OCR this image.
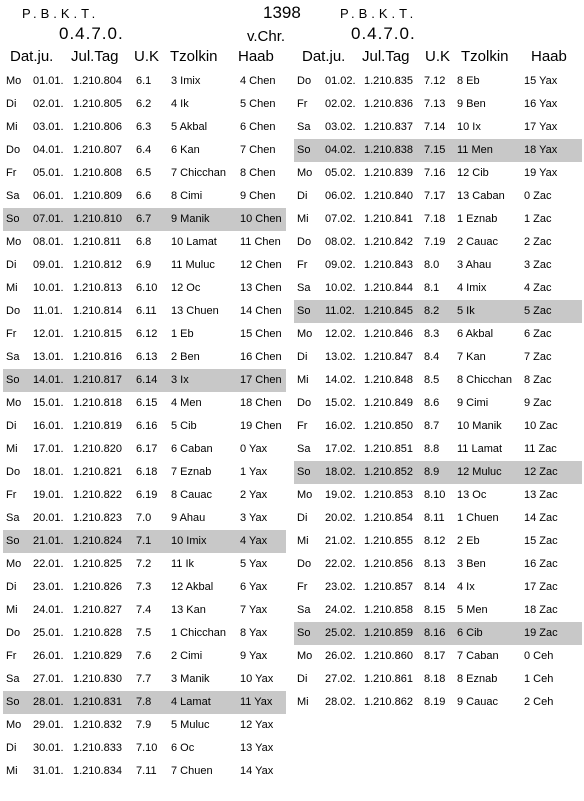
P.B.K.T.
0.4.7.0.
1398
v.Chr.
P.B.K.T.
0.4.7.0.
Dat.ju. Jul.Tag U.K Tzolkin Haab Dat.ju. Jul.Tag U.K Tzolkin Haab
Mo 01.01. 1.210.804 6.1 3 Imix	4 Chen
Di 02.01. 1.210.805 6.2 4 Ik	5 Chen
Mi 03.01. 1.210.806 6.3 5 Akbal	6 Chen
Do 04.01. 1.210.807 6.4 6 Kan	7 Chen
Fr 05.01. 1.210.808 6.5 7 Chicchan 8 Chen
Sa 06.01. 1.210.809 6.6 8 Cimi	9 Chen
So 07.01. 1.210.810 6.7 9 Manik	10 Chen
Mo 08.01. 1.210.811 6.8 10 Lamat 11 Chen
Di 09.01. 1.210.812 6.9 11 Muluc 12 Chen
Mi 10.01. 1.210.813 6.10 12 Oc	13 Chen
Do 11.01. 1.210.814 6.11 13 Chuen 14 Chen
Fr 12.01. 1.210.815 6.12 1 Eb	15 Chen
Sa 13.01. 1.210.816 6.13 2 Ben	16 Chen
So 14.01. 1.210.817 6.14 3 Ix	17 Chen
Mo 15.01. 1.210.818 6.15 4 Men	18 Chen
Di 16.01. 1.210.819 6.16 5 Cib	19 Chen
Mi 17.01. 1.210.820 6.17 6 Caban 0 Yax
Do 18.01. 1.210.821 6.18 7 Eznab	1 Yax
Fr 19.01. 1.210.822 6.19 8 Cauac	2 Yax
Sa 20.01. 1.210.823 7.0 9 Ahau	3 Yax
So 21.01. 1.210.824 7.1 10 Imix	4 Yax
Mo 22.01. 1.210.825 7.2 11 Ik	5 Yax
Di 23.01. 1.210.826 7.3 12 Akbal 6 Yax
Mi 24.01. 1.210.827 7.4 13 Kan	7 Yax
Do 25.01. 1.210.828 7.5 1 Chicchan 8 Yax
Fr 26.01. 1.210.829 7.6 2 Cimi	9 Yax
Sa 27.01. 1.210.830 7.7 3 Manik	10 Yax
So 28.01. 1.210.831 7.8 4 Lamat	11 Yax
Mo 29.01. 1.210.832 7.9 5 Muluc	12 Yax
Di 30.01. 1.210.833 7.10 6 Oc	13 Yax
Mi 31.01. 1.210.834 7.11 7 Chuen 14 Yax
Do 01.02. 1.210.835 7.12 8 Eb	15 Yax
Fr 02.02. 1.210.836 7.13 9 Ben	16 Yax
Sa 03.02. 1.210.837 7.14 10 Ix	17 Yax
So 04.02. 1.210.838 7.15 11 Men	18 Yax
Mo 05.02. 1.210.839 7.16 12 Cib	19 Yax
Di 06.02. 1.210.840 7.17 13 Caban 0 Zac
Mi 07.02. 1.210.841 7.18 1 Eznab 1 Zac
Do 08.02. 1.210.842 7.19 2 Cauac 2 Zac
Fr 09.02. 1.210.843 8.0 3 Ahau	3 Zac
Sa 10.02. 1.210.844 8.1 4 Imix	4 Zac
So 11.02. 1.210.845 8.2 5 Ik	5 Zac
Mo 12.02. 1.210.846 8.3 6 Akbal	6 Zac
Di 13.02. 1.210.847 8.4 7 Kan	7 Zac
Mi 14.02. 1.210.848 8.5 8 Chicchan 8 Zac
Do 15.02. 1.210.849 8.6 9 Cimi	9 Zac
Fr 16.02. 1.210.850 8.7 10 Manik 10 Zac
Sa 17.02. 1.210.851 8.8 11 Lamat 11 Zac
So 18.02. 1.210.852 8.9 12 Muluc 12 Zac
Mo 19.02. 1.210.853 8.10 13 Oc	13 Zac
Di 20.02. 1.210.854 8.11 1 Chuen 14 Zac
Mi 21.02. 1.210.855 8.12 2 Eb	15 Zac
Do 22.02. 1.210.856 8.13 3 Ben	16 Zac
Fr 23.02. 1.210.857 8.14 4 Ix	17 Zac
Sa 24.02. 1.210.858 8.15 5 Men	18 Zac
So 25.02. 1.210.859 8.16 6 Cib	19 Zac
Mo 26.02. 1.210.860 8.17 7 Caban 0 Ceh
Di 27.02. 1.210.861 8.18 8 Eznab 1 Ceh
Mi 28.02. 1.210.862 8.19 9 Cauac 2 Ceh
